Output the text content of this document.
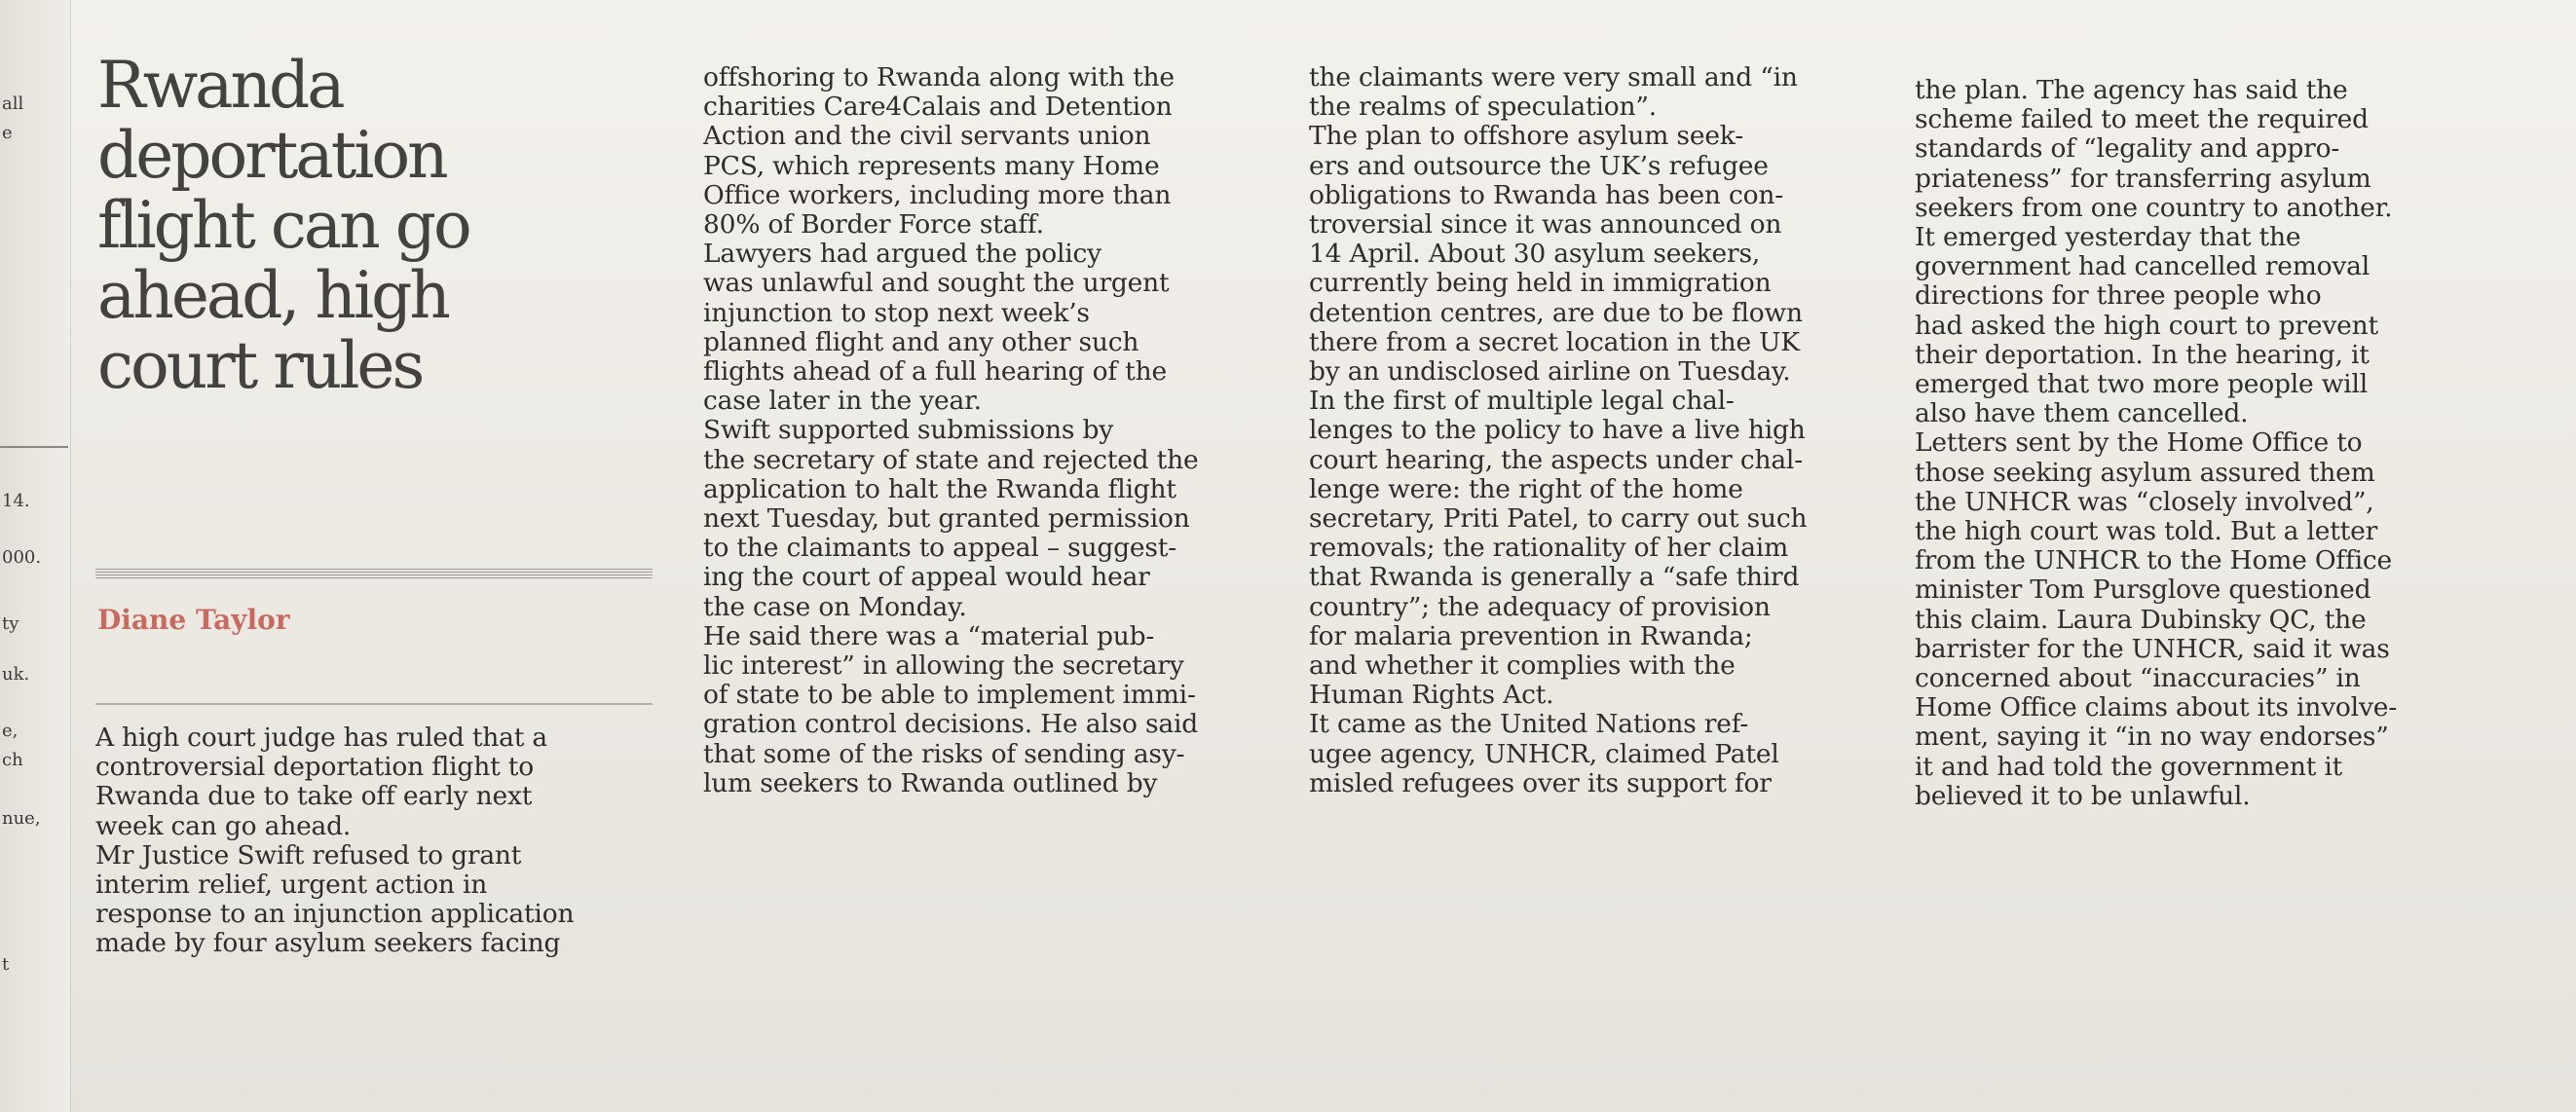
all
e
14.
000.
ty
uk.
e,
ch
nue,
t
Rwanda
deportation
flight can go
ahead, high
court rules
Diane Taylor
A high court judge has ruled that a
controversial deportation flight to
Rwanda due to take off early next
week can go ahead.
Mr Justice Swift refused to grant
interim relief, urgent action in
response to an injunction application
made by four asylum seekers facing
offshoring to Rwanda along with the
charities Care4Calais and Detention
Action and the civil servants union
PCS, which represents many Home
Office workers, including more than
80% of Border Force staff.
Lawyers had argued the policy
was unlawful and sought the urgent
injunction to stop next week’s
planned flight and any other such
flights ahead of a full hearing of the
case later in the year.
Swift supported submissions by
the secretary of state and rejected the
application to halt the Rwanda flight
next Tuesday, but granted permission
to the claimants to appeal – suggest-
ing the court of appeal would hear
the case on Monday.
He said there was a “material pub-
lic interest” in allowing the secretary
of state to be able to implement immi-
gration control decisions. He also said
that some of the risks of sending asy-
lum seekers to Rwanda outlined by
the claimants were very small and “in
the realms of speculation”.
The plan to offshore asylum seek-
ers and outsource the UK’s refugee
obligations to Rwanda has been con-
troversial since it was announced on
14 April. About 30 asylum seekers,
currently being held in immigration
detention centres, are due to be flown
there from a secret location in the UK
by an undisclosed airline on Tuesday.
In the first of multiple legal chal-
lenges to the policy to have a live high
court hearing, the aspects under chal-
lenge were: the right of the home
secretary, Priti Patel, to carry out such
removals; the rationality of her claim
that Rwanda is generally a “safe third
country”; the adequacy of provision
for malaria prevention in Rwanda;
and whether it complies with the
Human Rights Act.
It came as the United Nations ref-
ugee agency, UNHCR, claimed Patel
misled refugees over its support for
the plan. The agency has said the
scheme failed to meet the required
standards of “legality and appro-
priateness” for transferring asylum
seekers from one country to another.
It emerged yesterday that the
government had cancelled removal
directions for three people who
had asked the high court to prevent
their deportation. In the hearing, it
emerged that two more people will
also have them cancelled.
Letters sent by the Home Office to
those seeking asylum assured them
the UNHCR was “closely involved”,
the high court was told. But a letter
from the UNHCR to the Home Office
minister Tom Pursglove questioned
this claim. Laura Dubinsky QC, the
barrister for the UNHCR, said it was
concerned about “inaccuracies” in
Home Office claims about its involve-
ment, saying it “in no way endorses”
it and had told the government it
believed it to be unlawful.
